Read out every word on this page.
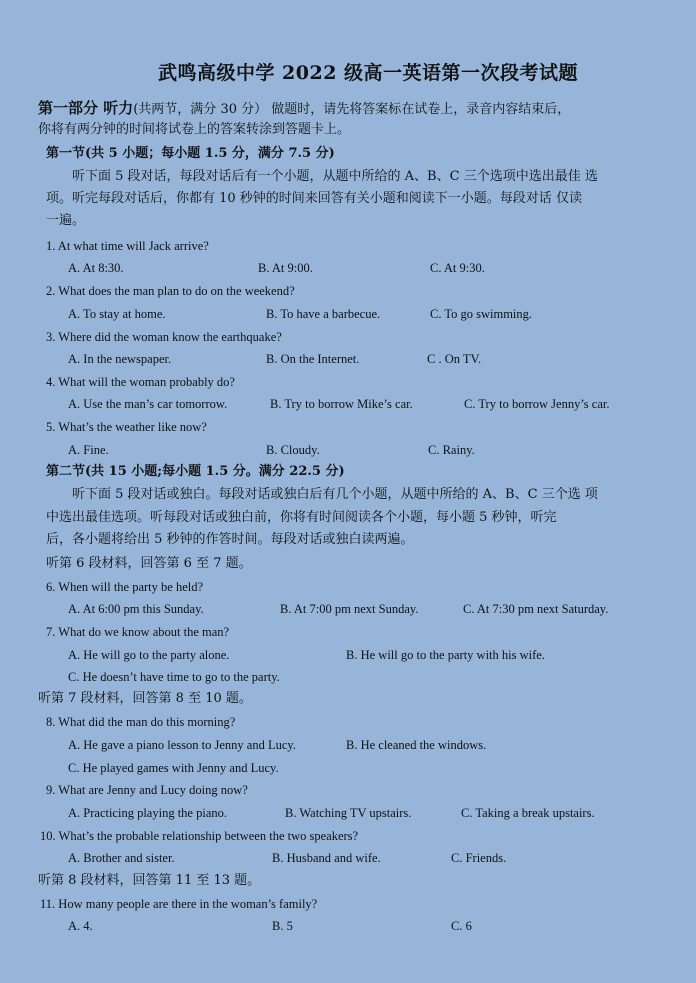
武鸣高级中学 2022 级高一英语第一次段考试题
第一部分 听力(共两节，满分 30 分） 做题时，请先将答案标在试卷上，录音内容结束后，
你将有两分钟的时间将试卷上的答案转涂到答题卡上。
第一节(共 5 小题；每小题 1.5 分，满分 7.5 分)
听下面 5 段对话，每段对话后有一个小题，从题中所给的 A、B、C 三个选项中选出最佳 选
项。听完每段对话后，你都有 10 秒钟的时间来回答有关小题和阅读下一小题。每段对话 仅读
一遍。
1. At what time will Jack arrive?
A. At 8:30.	B. At 9:00.	C. At 9:30.
2. What does the man plan to do on the weekend?
A. To stay at home.	B. To have a barbecue.	C. To go swimming.
3. Where did the woman know the earthquake?
A. In the newspaper.	B. On the Internet.	C . On TV.
4. What will the woman probably do?
A. Use the man’s car tomorrow.	B. Try to borrow Mike’s car.	C. Try to borrow Jenny’s car.
5. What’s the weather like now?
A. Fine.	B. Cloudy.	C. Rainy.
第二节(共 15 小题;每小题 1.5 分。满分 22.5 分)
听下面 5 段对话或独白。每段对话或独白后有几个小题，从题中所给的 A、B、C 三个选 项
中选出最佳选项。听每段对话或独白前，你将有时间阅读各个小题，每小题 5 秒钟，听完
后，各小题将给出 5 秒钟的作答时间。每段对话或独白读两遍。
听第 6 段材料，回答第 6 至 7 题。
6. When will the party be held?
A. At 6:00 pm this Sunday.	B. At 7:00 pm next Sunday.	C. At 7:30 pm next Saturday.
7. What do we know about the man?
A. He will go to the party alone.	B. He will go to the party with his wife.
C. He doesn’t have time to go to the party.
听第 7 段材料，回答第 8 至 10 题。
8. What did the man do this morning?
A. He gave a piano lesson to Jenny and Lucy.	B. He cleaned the windows.
C. He played games with Jenny and Lucy.
9. What are Jenny and Lucy doing now?
A. Practicing playing the piano.	B. Watching TV upstairs.	C. Taking a break upstairs.
10. What’s the probable relationship between the two speakers?
A. Brother and sister.	B. Husband and wife.	C. Friends.
听第 8 段材料，回答第 11 至 13 题。
11. How many people are there in the woman’s family?
A. 4.	B. 5	C. 6
